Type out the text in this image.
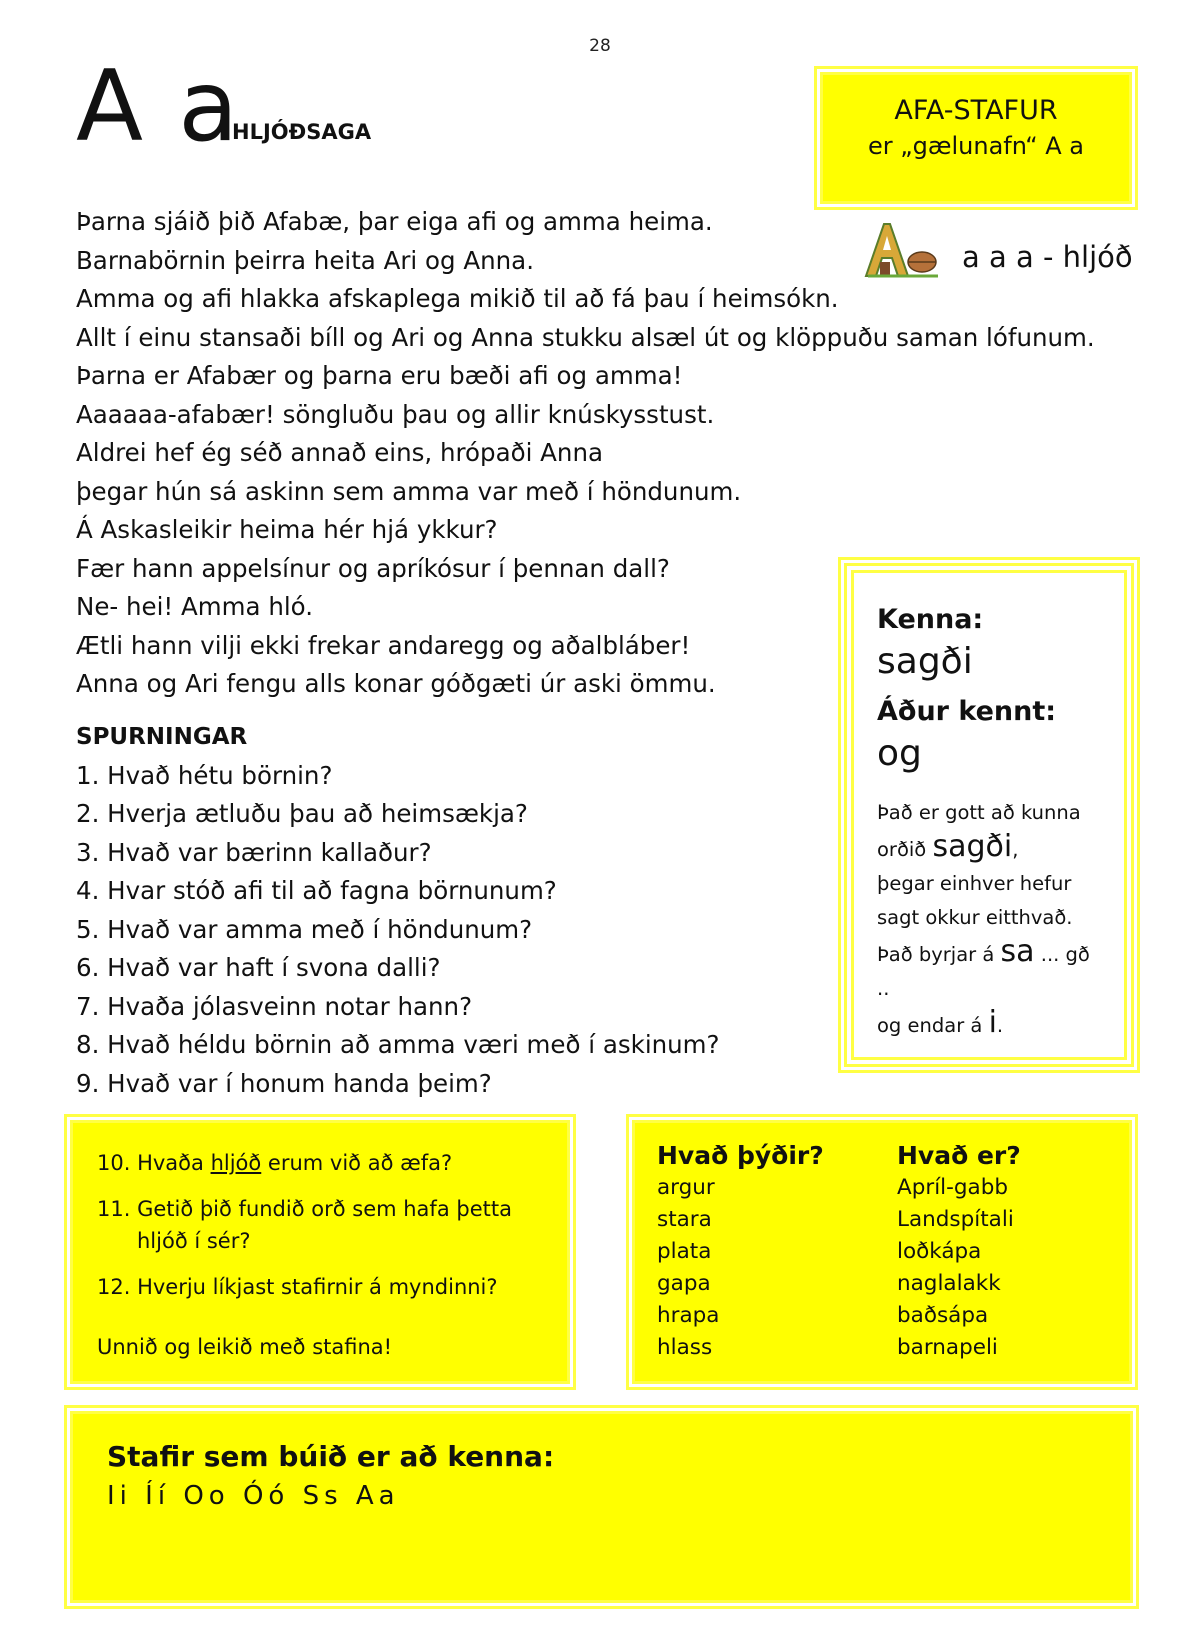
28
A a
HLJÓÐSAGA
AFA-STAFUR
er „gælunafn“ A a
a a a - hljóð
Þarna sjáið þið Afabæ, þar eiga afi og amma heima.
Barnabörnin þeirra heita Ari og Anna.
Amma og afi hlakka afskaplega mikið til að fá þau í heimsókn.
Allt í einu stansaði bíll og Ari og Anna stukku alsæl út og klöppuðu saman lófunum.
Þarna er Afabær og þarna eru bæði afi og amma!
Aaaaaa-afabær! söngluðu þau og allir knúskysstust.
Aldrei hef ég séð annað eins, hrópaði Anna
þegar hún sá askinn sem amma var með í höndunum.
Á Askasleikir heima hér hjá ykkur?
Fær hann appelsínur og apríkósur í þennan dall?
Ne- hei! Amma hló.
Ætli hann vilji ekki frekar andaregg og aðalbláber!
Anna og Ari fengu alls konar góðgæti úr aski ömmu.
SPURNINGAR
1. Hvað hétu börnin?
2. Hverja ætluðu þau að heimsækja?
3. Hvað var bærinn kallaður?
4. Hvar stóð afi til að fagna börnunum?
5. Hvað var amma með í höndunum?
6. Hvað var haft í svona dalli?
7. Hvaða jólasveinn notar hann?
8. Hvað héldu börnin að amma væri með í askinum?
9. Hvað var í honum handa þeim?
Kenna:
sagði
Áður kennt:
og
Það er gott að kunna
orðið sagði,
þegar einhver hefur
sagt okkur eitthvað.
Það byrjar á sa ... gð ..
og endar á i.

10. Hvaða hljóð erum við að æfa?

11. Getið þið fundið orð sem hafa þetta
hljóð í sér?

12. Hverju líkjast stafirnir á myndinni?

Unnið og leikið með stafina!

Hvað þýðir?
argur
stara
plata
gapa
hrapa
hlass
Hvað er?
Apríl-gabb
Landspítali
loðkápa
naglalakk
baðsápa
barnapeli
Stafir sem búið er að kenna:
Ii Íí Oo Óó Ss Aa
